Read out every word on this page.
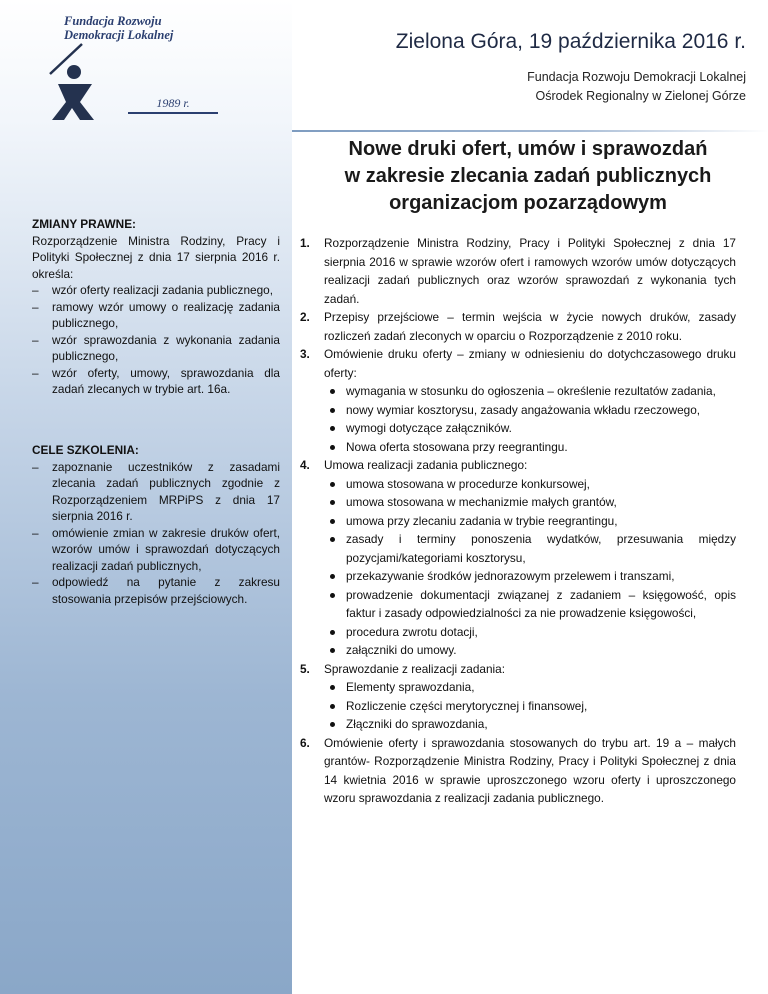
Fundacja Rozwoju
Demokracji Lokalnej
1989 r.
Zielona Góra, 19 października 2016 r.
Fundacja Rozwoju Demokracji Lokalnej
Ośrodek Regionalny w Zielonej Górze
Nowe druki ofert, umów i sprawozdań
w zakresie zlecania zadań publicznych
organizacjom pozarządowym
ZMIANY PRAWNE:
Rozporządzenie Ministra Rodziny, Pracy i Polityki Społecznej z dnia 17 sierpnia 2016 r. określa:
– wzór oferty realizacji zadania publicznego,
– ramowy wzór umowy o realizację zadania publicznego,
– wzór sprawozdania z wykonania zadania publicznego,
– wzór oferty, umowy, sprawozdania dla zadań zlecanych w trybie art. 16a.
CELE SZKOLENIA:
– zapoznanie uczestników z zasadami zlecania zadań publicznych zgodnie z Rozporządzeniem MRPiPS z dnia 17 sierpnia 2016 r.
– omówienie zmian w zakresie druków ofert, wzorów umów i sprawozdań dotyczących realizacji zadań publicznych,
– odpowiedź na pytanie z zakresu stosowania przepisów przejściowych.
1. Rozporządzenie Ministra Rodziny, Pracy i Polityki Społecznej z dnia 17 sierpnia 2016 w sprawie wzorów ofert i ramowych wzorów umów dotyczących realizacji zadań publicznych oraz wzorów sprawozdań z wykonania tych zadań.
2. Przepisy przejściowe – termin wejścia w życie nowych druków, zasady rozliczeń zadań zleconych w oparciu o Rozporządzenie z 2010 roku.
3. Omówienie druku oferty – zmiany w odniesieniu do dotychczasowego druku oferty:
wymagania w stosunku do ogłoszenia – określenie rezultatów zadania,
nowy wymiar kosztorysu, zasady angażowania wkładu rzeczowego,
wymogi dotyczące załączników.
Nowa oferta stosowana przy reegrantingu.
4. Umowa realizacji zadania publicznego:
umowa stosowana w procedurze konkursowej,
umowa stosowana w mechanizmie małych grantów,
umowa przy zlecaniu zadania w trybie reegrantingu,
zasady i terminy ponoszenia wydatków, przesuwania między pozycjami/kategoriami kosztorysu,
przekazywanie środków jednorazowym przelewem i transzami,
prowadzenie dokumentacji związanej z zadaniem – księgowość, opis faktur i zasady odpowiedzialności za nie prowadzenie księgowości,
procedura zwrotu dotacji,
załączniki do umowy.
5. Sprawozdanie z realizacji zadania:
Elementy sprawozdania,
Rozliczenie części merytorycznej i finansowej,
Złączniki do sprawozdania,
6. Omówienie oferty i sprawozdania stosowanych do trybu art. 19 a – małych grantów- Rozporządzenie Ministra Rodziny, Pracy i Polityki Społecznej z dnia 14 kwietnia 2016 w sprawie uproszczonego wzoru oferty i uproszczonego wzoru sprawozdania z realizacji zadania publicznego.
